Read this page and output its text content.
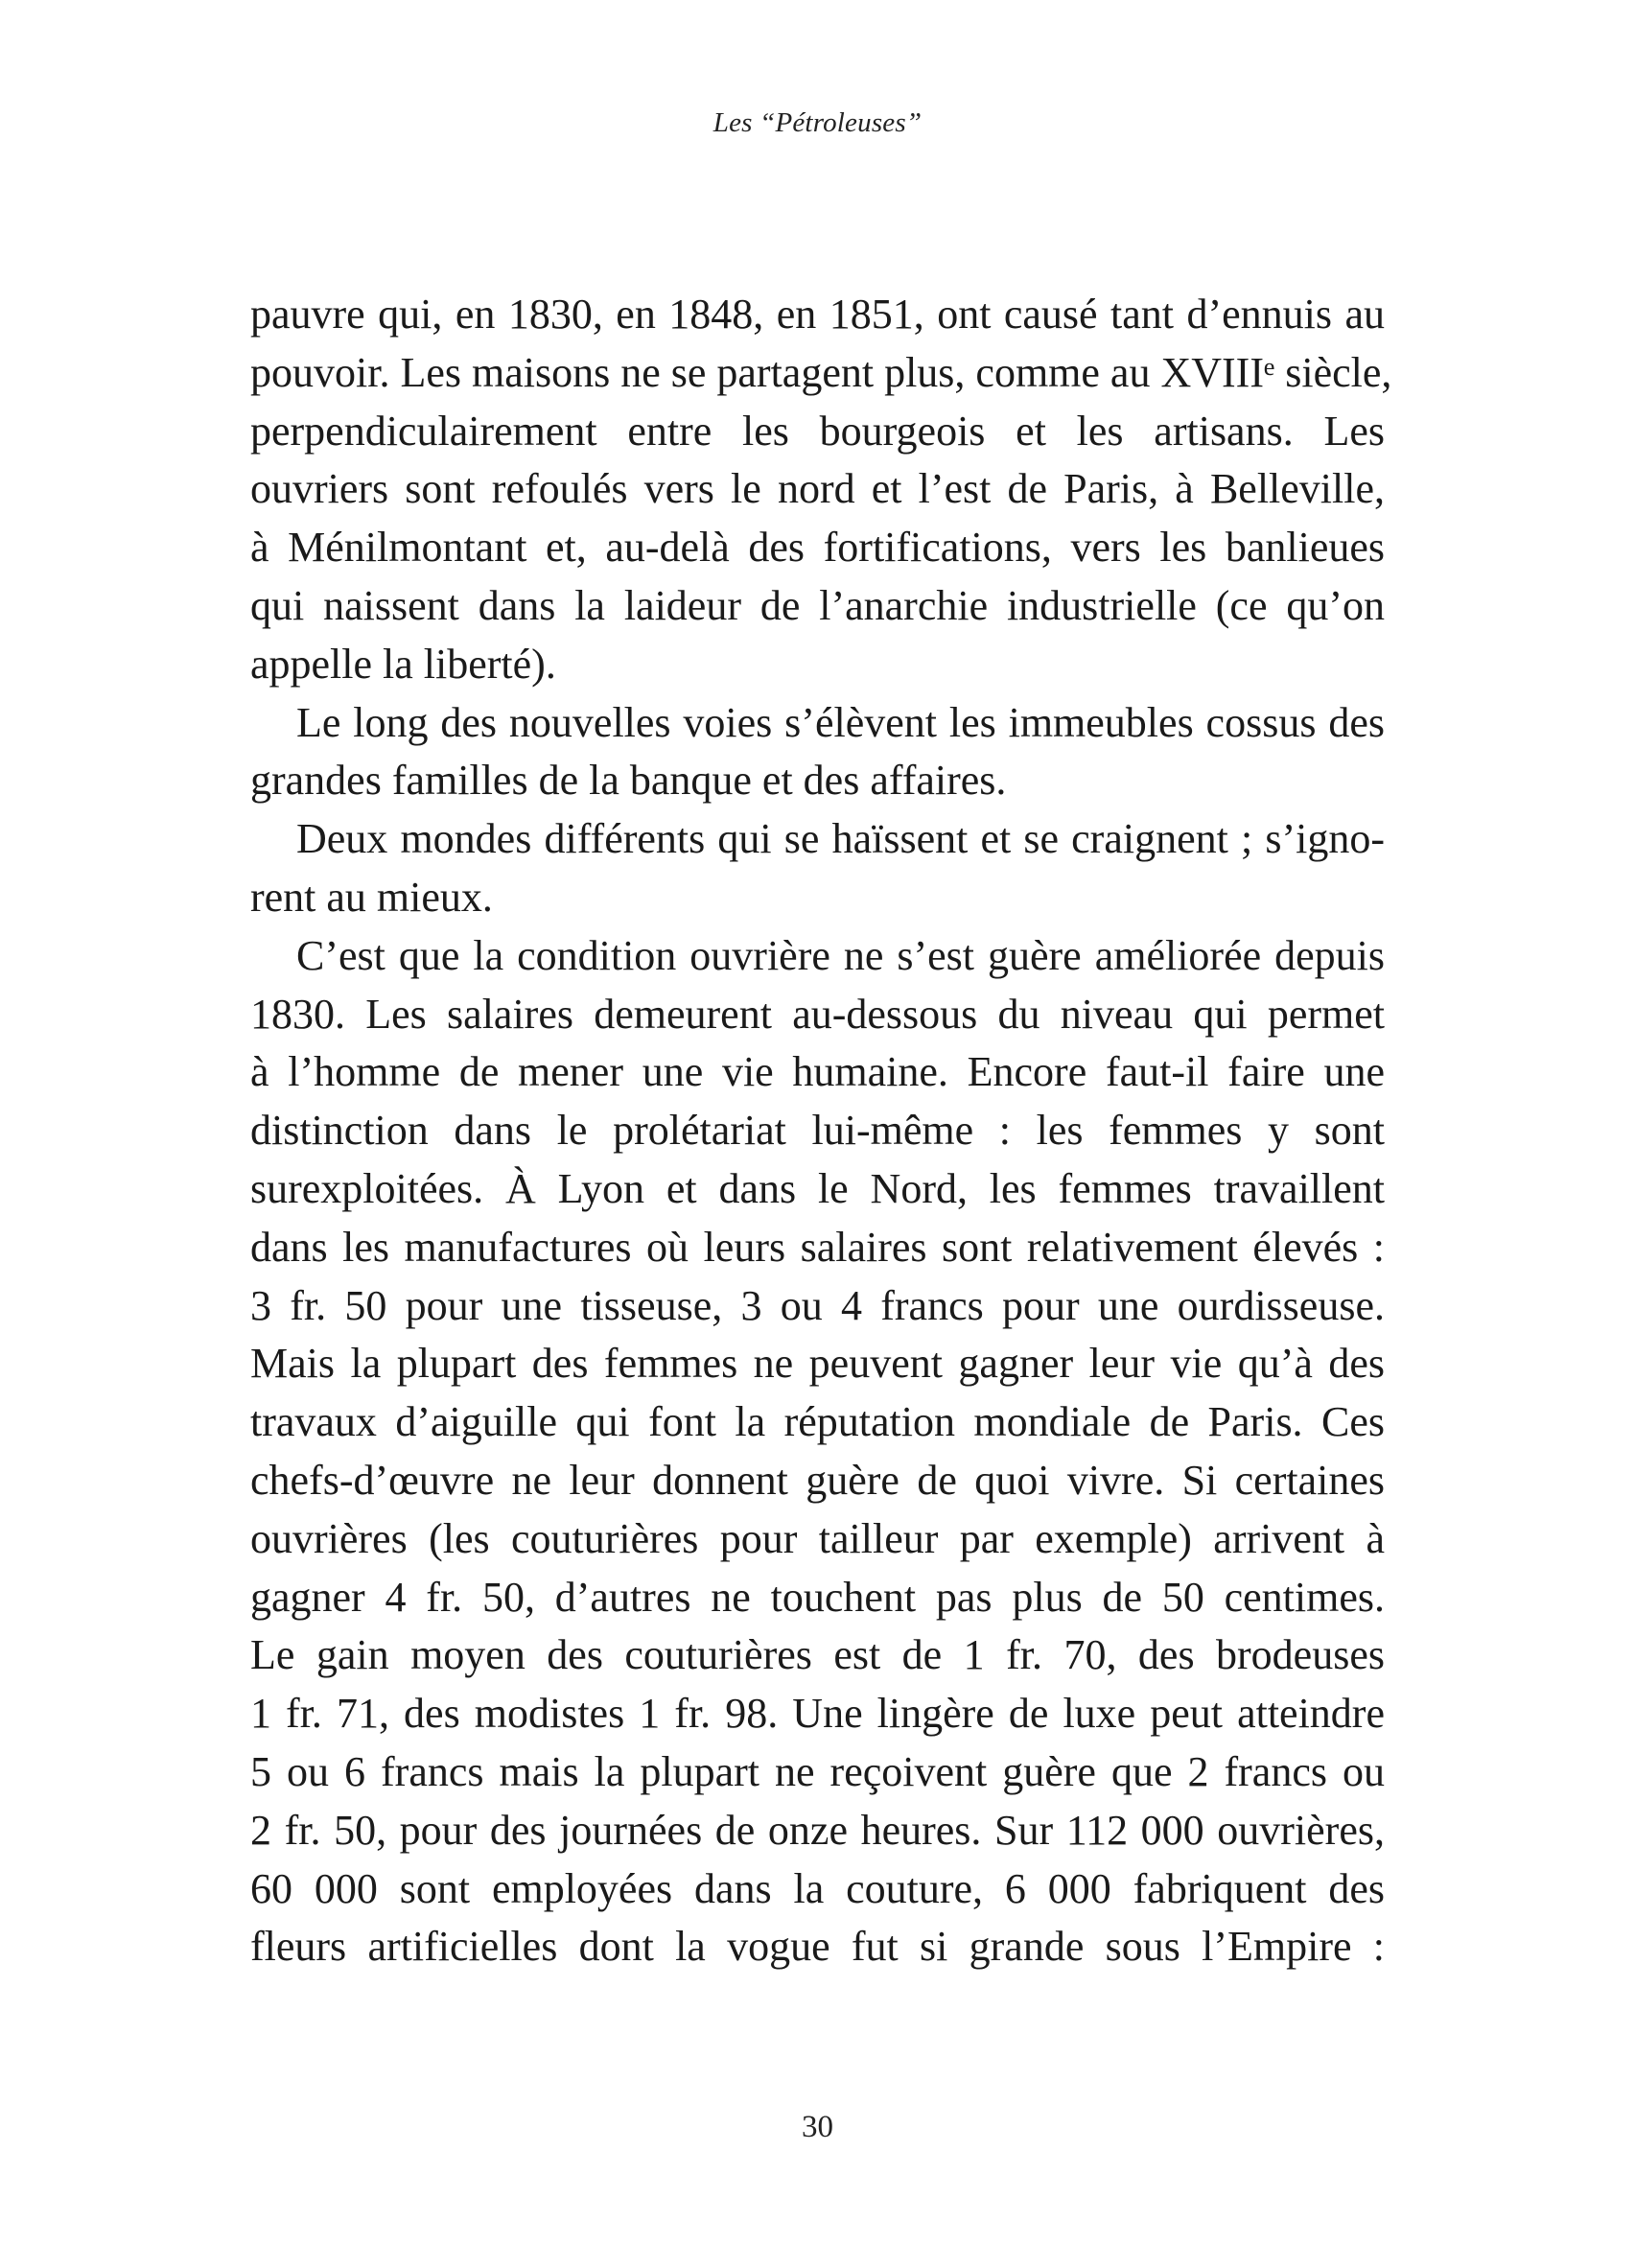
Les “Pétroleuses”
pauvre qui, en 1830, en 1848, en 1851, ont causé tant d’ennuis au
pouvoir. Les maisons ne se partagent plus, comme au XVIIIᵉ siècle,
perpendiculairement entre les bourgeois et les artisans. Les
ouvriers sont refoulés vers le nord et l’est de Paris, à Belleville,
à Ménilmontant et, au-delà des fortifications, vers les banlieues
qui naissent dans la laideur de l’anarchie industrielle (ce qu’on
appelle la liberté).
Le long des nouvelles voies s’élèvent les immeubles cossus des
grandes familles de la banque et des affaires.
Deux mondes différents qui se haïssent et se craignent ; s’igno-
rent au mieux.
C’est que la condition ouvrière ne s’est guère améliorée depuis
1830. Les salaires demeurent au-dessous du niveau qui permet
à l’homme de mener une vie humaine. Encore faut-il faire une
distinction dans le prolétariat lui-même : les femmes y sont
surexploitées. À Lyon et dans le Nord, les femmes travaillent
dans les manufactures où leurs salaires sont relativement élevés :
3 fr. 50 pour une tisseuse, 3 ou 4 francs pour une ourdisseuse.
Mais la plupart des femmes ne peuvent gagner leur vie qu’à des
travaux d’aiguille qui font la réputation mondiale de Paris. Ces
chefs-d’œuvre ne leur donnent guère de quoi vivre. Si certaines
ouvrières (les couturières pour tailleur par exemple) arrivent à
gagner 4 fr. 50, d’autres ne touchent pas plus de 50 centimes.
Le gain moyen des couturières est de 1 fr. 70, des brodeuses
1 fr. 71, des modistes 1 fr. 98. Une lingère de luxe peut atteindre
5 ou 6 francs mais la plupart ne reçoivent guère que 2 francs ou
2 fr. 50, pour des journées de onze heures. Sur 112 000 ouvrières,
60 000 sont employées dans la couture, 6 000 fabriquent des
fleurs artificielles dont la vogue fut si grande sous l’Empire :
30
